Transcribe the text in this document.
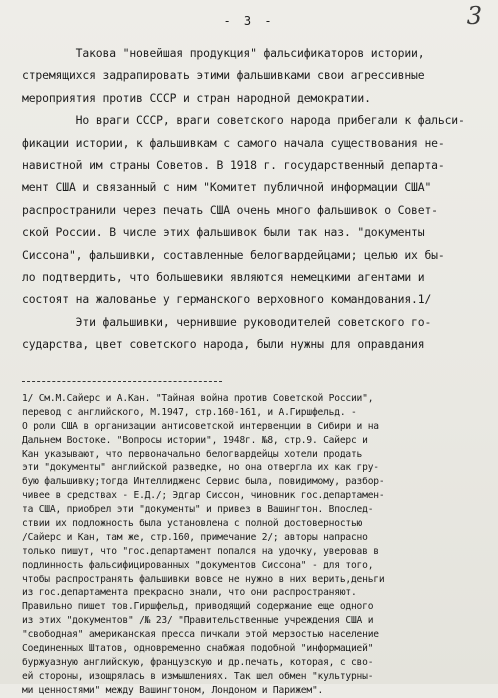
3
- 3 -
Такова "новейшая продукция" фальсификаторов истории,
стремящихся задрапировать этими фальшивками свои агрессивные
мероприятия против СССР и стран народной демократии.
Но враги СССР, враги советского народа прибегали к фальси-
фикации истории, к фальшивкам с самого начала существования не-
навистной им страны Советов. В 1918 г. государственный департа-
мент США и связанный с ним "Комитет публичной информации США"
распространили через печать США очень много фальшивок о Совет-
ской России. В числе этих фальшивок были так наз. "документы
Сиссона", фальшивки, составленные белогвардейцами; целью их бы-
ло подтвердить, что большевики являются немецкими агентами и
состоят на жалованье у германского верховного командования.1/
Эти фальшивки, чернившие руководителей советского го-
сударства, цвет советского народа, были нужны для оправдания
1/ См.М.Сайерс и А.Кан. "Тайная война против Советской России",
перевод с английского, М.1947, стр.160-161, и А.Гиршфельд. -
О роли США в организации антисоветской интервенции в Сибири и на
Дальнем Востоке. "Вопросы истории", 1948г. №8, стр.9. Сайерс и
Кан указывают, что первоначально белогвардейцы хотели продать
эти "документы" английской разведке, но она отвергла их как гру-
бую фальшивку;тогда Интеллидженс Сервис была, повидимому, разбор-
чивее в средствах - Е.Д./; Эдгар Сиссон, чиновник гос.департамен-
та США, приобрел эти "документы" и привез в Вашингтон. Впослед-
ствии их подложность была установлена с полной достоверностью
/Сайерс и Кан, там же, стр.160, примечание 2/; авторы напрасно
только пишут, что "гос.департамент попался на удочку, уверовав в
подлинность фальсифицированных "документов Сиссона" - для того,
чтобы распространять фальшивки вовсе не нужно в них верить,деньги
из гос.департамента прекрасно знали, что они распространяют.
Правильно пишет тов.Гиршфельд, приводящий содержание еще одного
из этих "документов" /№ 23/ "Правительственные учреждения США и
"свободная" американская пресса пичкали этой мерзостью население
Соединенных Штатов, одновременно снабжая подобной "информацией"
буржуазную английскую, французскую и др.печать, которая, с сво-
ей стороны, изощрялась в измышлениях. Так шел обмен "культурны-
ми ценностями" между Вашингтоном, Лондоном и Парижем".
